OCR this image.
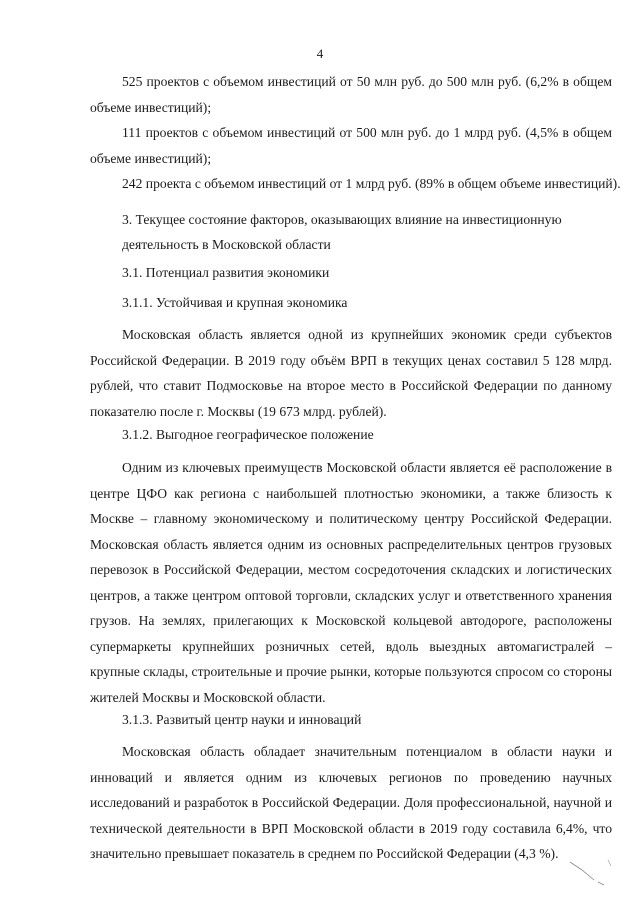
4

525 проектов с объемом инвестиций от 50 млн руб. до 500 млн руб. (6,2% в общем объеме инвестиций);

111 проектов с объемом инвестиций от 500 млн руб. до 1 млрд руб. (4,5% в общем объеме инвестиций);

242 проекта с объемом инвестиций от 1 млрд руб. (89% в общем объеме инвестиций).

3. Текущее состояние факторов, оказывающих влияние на инвестиционную
деятельность в Московской области

3.1. Потенциал развития экономики

3.1.1. Устойчивая и крупная экономика

Московская область является одной из крупнейших экономик среди субъектов Российской Федерации. В 2019 году объём ВРП в текущих ценах составил 5 128 млрд. рублей, что ставит Подмосковье на второе место в Российской Федерации по данному показателю после г. Москвы (19 673 млрд. рублей).

3.1.2. Выгодное географическое положение

Одним из ключевых преимуществ Московской области является её расположение в центре ЦФО как региона с наибольшей плотностью экономики, а также близость к Москве – главному экономическому и политическому центру Российской Федерации. Московская область является одним из основных распределительных центров грузовых перевозок в Российской Федерации, местом сосредоточения складских и логистических центров, а также центром оптовой торговли, складских услуг и ответственного хранения грузов. На землях, прилегающих к Московской кольцевой автодороге, расположены супермаркеты крупнейших розничных сетей, вдоль выездных автомагистралей – крупные склады, строительные и прочие рынки, которые пользуются спросом со стороны жителей Москвы и Московской области.

3.1.3. Развитый центр науки и инноваций

Московская область обладает значительным потенциалом в области науки и инноваций и является одним из ключевых регионов по проведению научных исследований и разработок в Российской Федерации. Доля профессиональной, научной и технической деятельности в ВРП Московской области в 2019 году составила 6,4%, что значительно превышает показатель в среднем по Российской Федерации (4,3 %).
